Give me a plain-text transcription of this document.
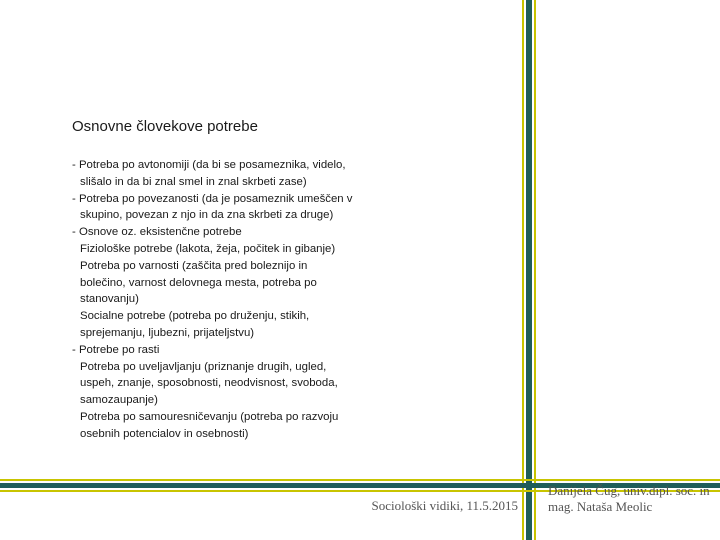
Osnovne človekove potrebe
- Potreba po avtonomiji (da bi se posameznika, videlo,
slišalo in da bi znal smel in znal skrbeti zase)
- Potreba po povezanosti (da je posameznik umeščen v
skupino, povezan z njo in da zna skrbeti za druge)
- Osnove oz. eksistenčne potrebe
Fiziološke potrebe (lakota, žeja, počitek in gibanje)
Potreba po varnosti (zaščita pred boleznijo in
bolečino, varnost delovnega mesta, potreba po
stanovanju)
Socialne potrebe (potreba po druženju, stikih,
sprejemanju, ljubezni, prijateljstvu)
- Potrebe po rasti
Potreba po uveljavljanju (priznanje drugih, ugled,
uspeh, znanje, sposobnosti, neodvisnost, svoboda,
samozaupanje)
Potreba po samouresničevanju (potreba po razvoju
osebnih potencialov in osebnosti)
Sociološki vidiki, 11.5.2015
Danijela Čug, univ.dipl. soc. in
mag. Nataša Meolic
